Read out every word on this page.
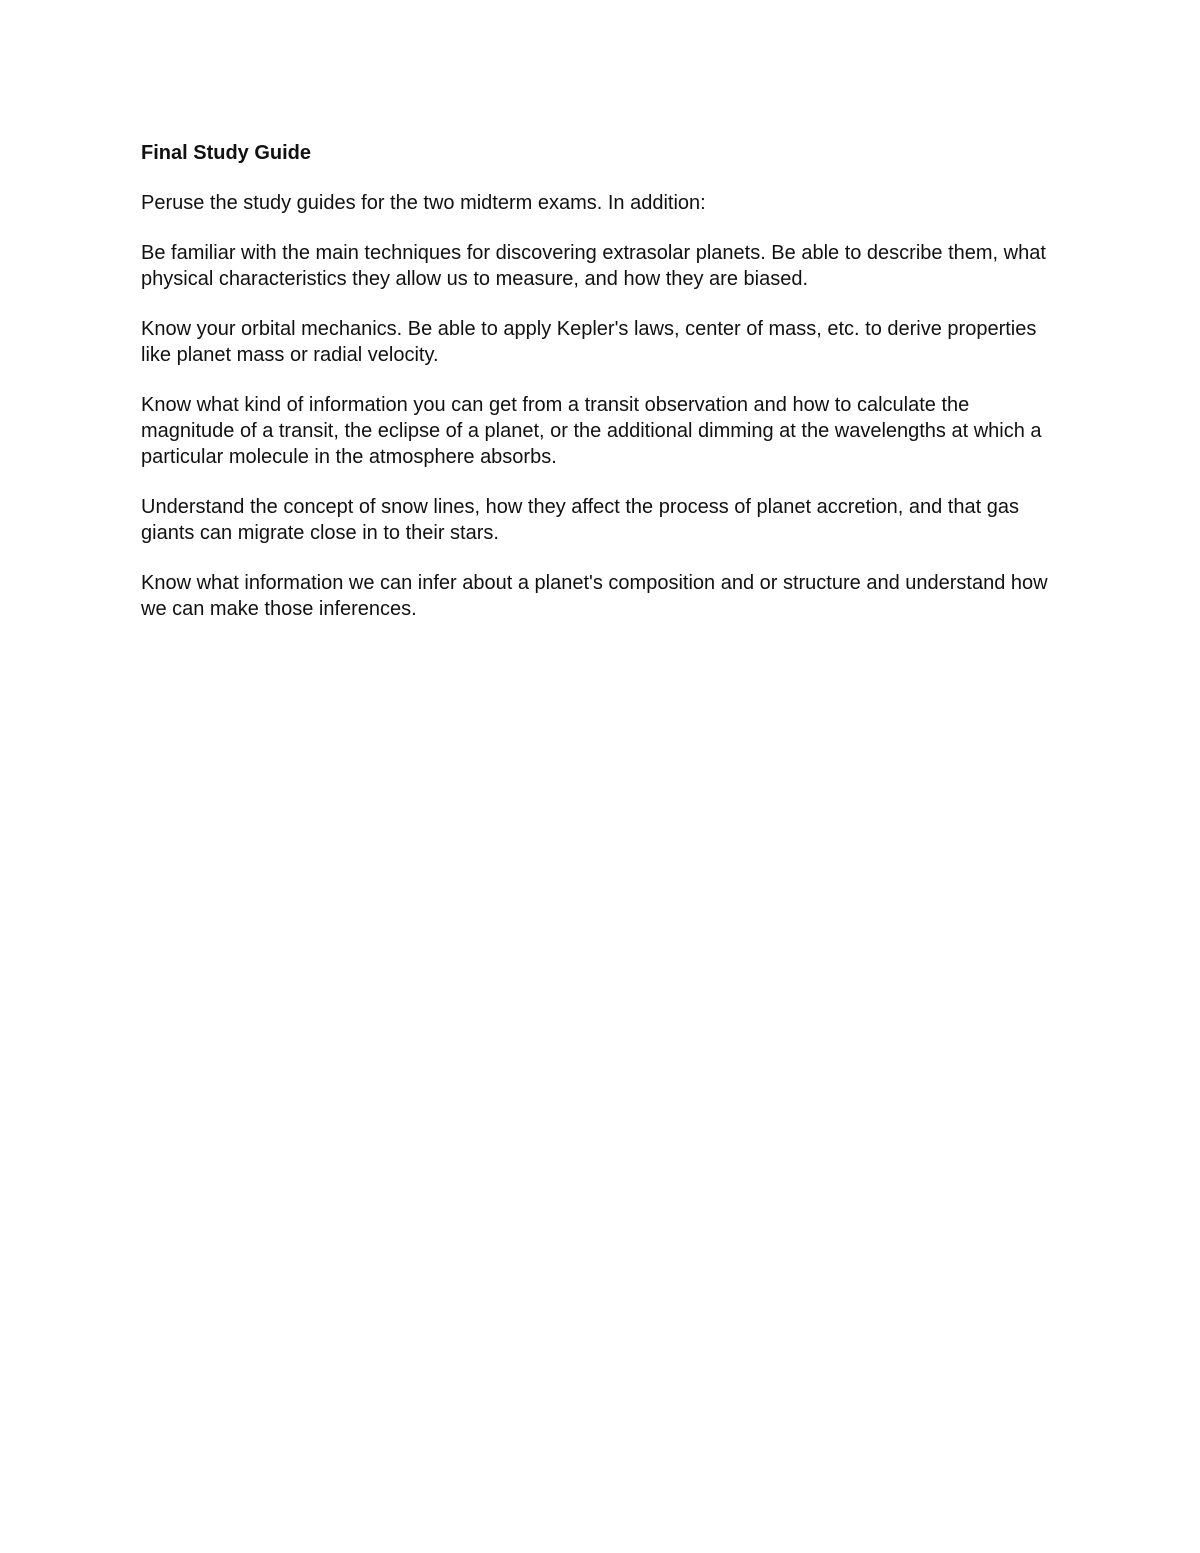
Final Study Guide

Peruse the study guides for the two midterm exams. In addition:

Be familiar with the main techniques for discovering extrasolar planets. Be able to describe them, what physical characteristics they allow us to measure, and how they are biased.

Know your orbital mechanics. Be able to apply Kepler's laws, center of mass, etc. to derive properties like planet mass or radial velocity.

Know what kind of information you can get from a transit observation and how to calculate the magnitude of a transit, the eclipse of a planet, or the additional dimming at the wavelengths at which a particular molecule in the atmosphere absorbs.

Understand the concept of snow lines, how they affect the process of planet accretion, and that gas giants can migrate close in to their stars.

Know what information we can infer about a planet's composition and or structure and understand how we can make those inferences.
